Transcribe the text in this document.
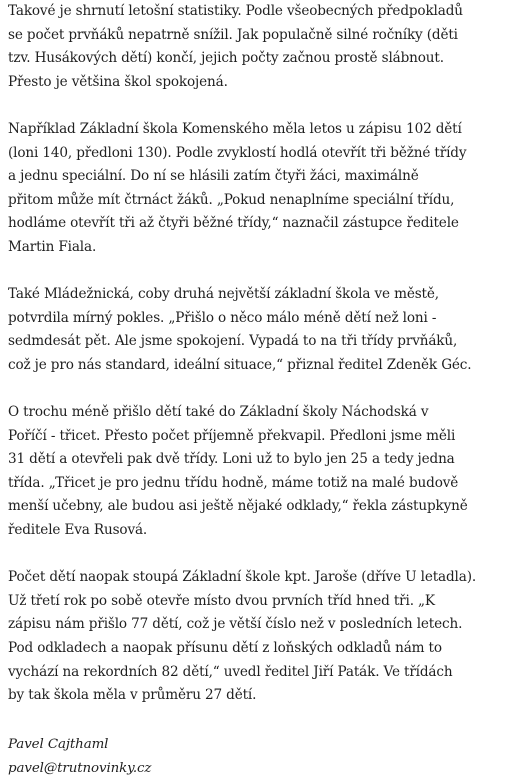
Takové je shrnutí letošní statistiky. Podle všeobecných předpokladů
se počet prvňáků nepatrně snížil. Jak populačně silné ročníky (děti
tzv. Husákových dětí) končí, jejich počty začnou prostě slábnout.
Přesto je většina škol spokojená.

Například Základní škola Komenského měla letos u zápisu 102 dětí
(loni 140, předloni 130). Podle zvyklostí hodlá otevřít tři běžné třídy
a jednu speciální. Do ní se hlásili zatím čtyři žáci, maximálně
přitom může mít čtrnáct žáků. „Pokud nenaplníme speciální třídu,
hodláme otevřít tři až čtyři běžné třídy,“ naznačil zástupce ředitele
Martin Fiala.

Také Mládežnická, coby druhá největší základní škola ve městě,
potvrdila mírný pokles. „Přišlo o něco málo méně dětí než loni -
sedmdesát pět. Ale jsme spokojení. Vypadá to na tři třídy prvňáků,
což je pro nás standard, ideální situace,“ přiznal ředitel Zdeněk Géc.

O trochu méně přišlo dětí také do Základní školy Náchodská v
Poříčí - třicet. Přesto počet příjemně překvapil. Předloni jsme měli
31 dětí a otevřeli pak dvě třídy. Loni už to bylo jen 25 a tedy jedna
třída. „Třicet je pro jednu třídu hodně, máme totiž na malé budově
menší učebny, ale budou asi ještě nějaké odklady,“ řekla zástupkyně
ředitele Eva Rusová.

Počet dětí naopak stoupá Základní škole kpt. Jaroše (dříve U letadla).
Už třetí rok po sobě otevře místo dvou prvních tříd hned tři. „K
zápisu nám přišlo 77 dětí, což je větší číslo než v posledních letech.
Pod odkladech a naopak přísunu dětí z loňských odkladů nám to
vychází na rekordních 82 dětí,“ uvedl ředitel Jiří Paták. Ve třídách
by tak škola měla v průměru 27 dětí.

Pavel Cajthaml
pavel@trutnovinky.cz
